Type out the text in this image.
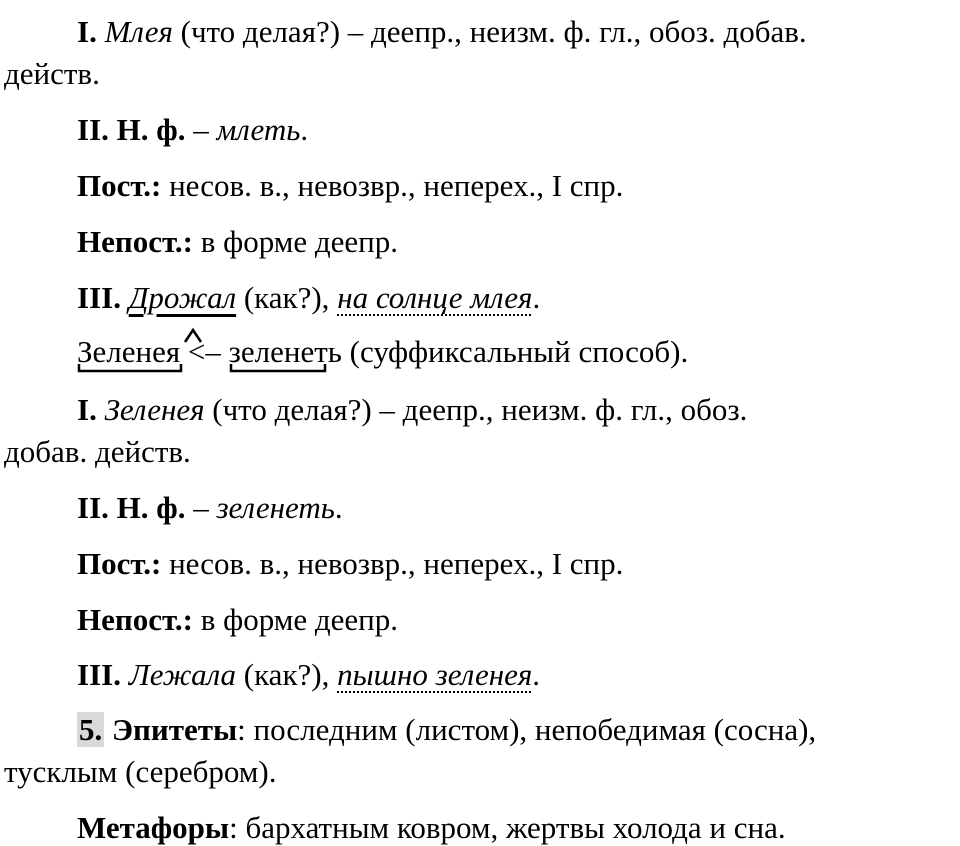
I. Млея (что делая?) – деепр., неизм. ф. гл., обоз. добав.
действ.
II. Н. ф. – млеть.
Пост.: несов. в., невозвр., неперех., I спр.
Непост.: в форме деепр.
III. Дрожал (как?), на солнце млея.
Зеленея
<– зеленеть
(суффиксальный способ).
I. Зеленея (что делая?) – деепр., неизм. ф. гл., обоз.
добав. действ.
II. Н. ф. – зеленеть.
Пост.: несов. в., невозвр., неперех., I спр.
Непост.: в форме деепр.
III. Лежала (как?), пышно зеленея.
5. Эпитеты: последним (листом), непобедимая (сосна),
тусклым (серебром).
Метафоры: бархатным ковром, жертвы холода и сна.
